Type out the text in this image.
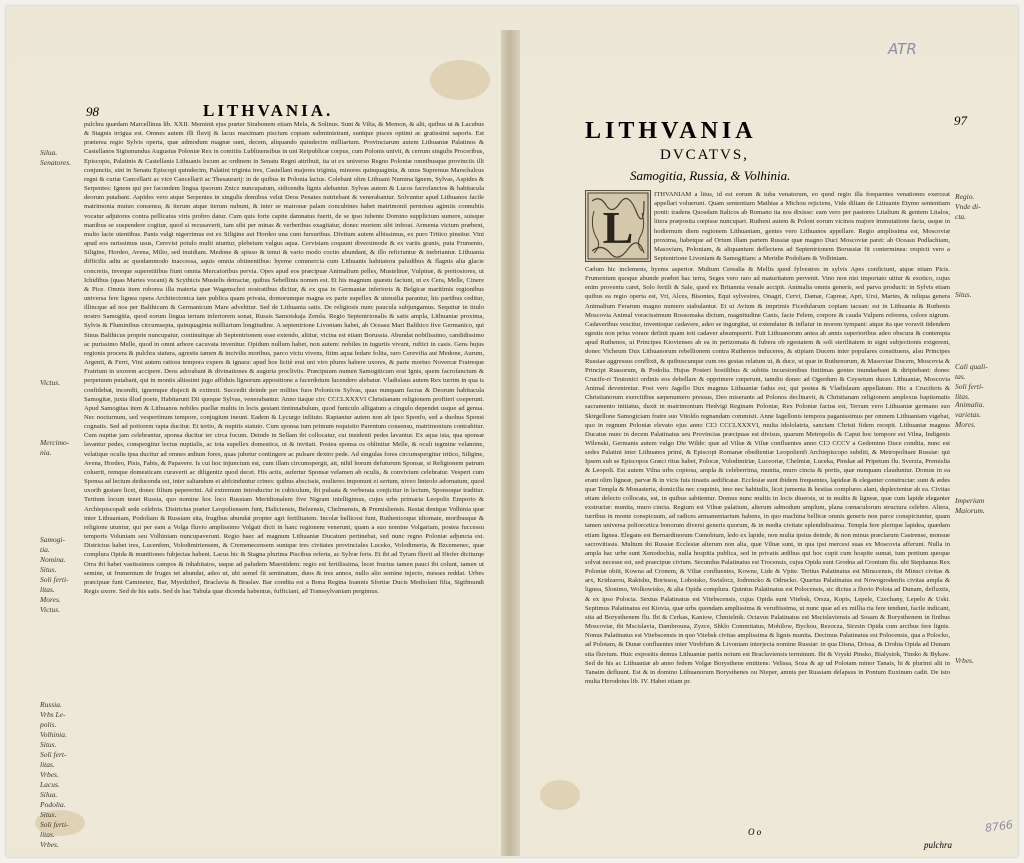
98	LITHVANIA.
Silua.
Senatores.
Victus.
Mercimo-
nia.
Samogi-
tia.
Nomina.
Situs.
Soli ferti-
litas.
Mores.
Victus.
Russia.
Vrbs Le-
polis.
Volhinia.
Situs.
Soli fert-
litas.
Vrbes.
Lacus.
Silua.
Podolia.
Situs.
Soli ferti-
litas.
Vrbes.

pulchra quædam Marcellinus lib. XXII. Meminit ejus præter Strabonem etiam Mela, & Solinus. Sunt & Vilia, & Memon, & alii, quibus ut & Lacubus & Stagnis irrigua est. Omnes autem illi fluvij & lacus maximam piscium copiam subministrant, suntque pisces optimi ac gratissimi saporis. Est præterea regio Sylvis operta, quæ admodum magnæ sunt, decem, aliquando quindecim milliarium. Provinciarum autem Lithuaniæ Palatinos & Castellanos Sigismundus Augustus Poloniæ Rex in comitiis Lublinensibus in uni Reipublicæ corpus, cum Polonis univit, & cerrum singulis Proceribus, Episcopis, Palatinis & Castellanis Lithuanis locum ac ordinem in Senatu Regni attribuit, ita ut ex universo Regno Poloniæ omnibusque provinciis illi conjunctis, sint in Senatu Episcopi quindecim, Palatini triginta tres, Castellani majores triginta, minores quinquaginta, & unus Supremus Marschalcus regni & curiæ Cancellarii ac vice Cancellarii ac Thesaurarij: in de quibus in Polonia lacius. Colebant olim Lithuani Numina Ignem, Sylvas, Aspides & Serpentes: Ignem qui per facondem lingua ipsorum Znicz nuncupatum, sidicendis lignis alebantur. Sylvas autem & Lucos facrofanctos & habitacula deorum putabant. Aspides vero atque Serpentes in singulis domibus velut Deos Penates nutriebant & venerabantur. Solvuntur apud Lithuanos facile matrimonia mutuo consensu, & iterum atque iterum nubunt, & inter se matronæ palam concubines habet matrimonii permissu agimiis connubiis vocatur adjutores contra pellicatus viris probro datur. Cum quis forte capite damnatus fuerit, de se ipso iubente Domino supplicium sumere, suisque manibus se suspendere cogitur, quod si recusaverit, tam sibi per minas & verberibus exagitatur, donec mortem sibi inferat. Armenta victum præbent, multo lacte utentibus. Panis vulgi nigerrimus est ex Siligine aut Hordeo una cum fursuribus. Divitum autem albissimus, ex puro Tritico pinsitur. Vini apud eos rarissimus usus, Cerevisi potulo multi utuntur, plebeium vulgus aqua. Cervisiam coquunt diversimode & ex variis granis, puta Frumento, Siligine, Hordeo, Avena, Milio, sed inuidiam. Medone & spisso & tenui & vario modo coctio abundant, & illo reficiuntur & inebriantur. Lithuania difficilis adiu ac quodammodo inaccessa, aquis omnia obtinentibus: hyeme commercia cum Lithuanis habitatora paludibus & flagnis alta glacie concretis, inveque superstitibus fiunt omnia Mercatoribus pervia. Opes apud eos præcipuæ Animalium pelles, Mustelinæ, Vulpinæ, & pretiosiores, ut Ichidibus (quas Martes vocant) & Scythicis Mustelis detractæ, quibus Sebellinis nomen est. Et his magnum quæstu faciunt, ut ex Cera, Melle, Cinere & Pice. Omnis item roborea illa materia quæ Wagenschot nostratibus dicitur, & ex qua in Germaniæ inferioris & Belgicæ maritimis regionibus universa fere lignea opera Architectonica tam publica quam privata, domorumque magna ex parte supellex & utensilia parantur, his partibus ceditur, illincque ad nos per Balthicum & Germanicum Mare advehitur. Sed de Lithuania satis. De religiosis nunc paucula subjungamus. Sequitur in titulo nostro Samogitia, quod eorum lingua terram inferiorem sonat, Russis Samotskaja Zemla. Regio Septentrionalis & satis ampla, Lithuaniæ proxima, Sylvis & Fluminibus circumsepta, quinquaginta milliarium longitudine. A septentrione Livoniam habet, ab Oceasu Mari Balthico five Germanico, qui Sinus Balthicus proprie nuncupatur, continuitque ab Septentrionem esse extendo, altitur, vicina est etiam Borussia. Abundat nobilissimo, candidissimo ac purissimo Melle, quod in omni arbore cacuvata invenitur. Opidum nullum habet, non autem: nobiles in tuguriis vivunt, ruftici in casis. Gens hujus regionis procera & pulchra statura, agrestis tamen & incivilis moribus, parco victu vivens, fitim aqua fedare folita, raro Cerevifia aut Medone, Aurum, Argenti, & Ferri, Vini autem ratiora tempora expers & ignara: apud hos licitè erat uni viro plures habere uxores, & parte mortuo Novercæ Fratreque Fratrium in uxorem accipere. Deos adorabant & divinationes & auguria procliviis. Præcipuum numen Samogiticum erat Ignis, quem facrofanctum & perpetuum putabant, qui in montis altissimi jugo affiduis lignorum appositione a facerdotum lucendere alebatur. Vladislaus autem Rex turrim in qua is confidebat, incendit, ignemque disjecit & extinxit. Succedit deinde per milites fuos Polonicos Sylvas, quas nunquam facras & Deorum habitacula Samogitæ, juxta illud poete, Habitarunt Dii quoque Sylvas, venerabantur. Anno itaque circ CCCLXXXVI Christianam religionem profiteri coeperunt. Apud Samogitas item & Lithuanos nobiles puellæ multis in locis gestant tintinnabulum, quod funiculo alligatum a cingulo dependet usque ad genua. Nec nocturnum, sed vespertinum tempore, conjugium ineunt. Eadem & Lycurgo infituto. Raptantur autem non ab ipso Sponfo, sed a duobus Sponsi cognatis. Sed ad potiorem rapta ducitur. Et tertio, & nuptiis statuto. Cum sponsa tum primum requisito Parentum consensu, matrimonium contrahitur. Cum nuptiæ jam celebrantur, sponsa ducitur ter circa focum. Deinde in Sellam ibi collocatur, cui insidenti pedes lavantur. Ex aqua ista, qua sponsæ lavantur pedes, conspergitur lectus nuptialis, ac tota supellex domestica, ut & invitati. Postea sponsa os oblinitur Melle, & oculi tegmine velamine, velatique oculis ipsa ducitur ad omnes ædium fores, quas jubetur contingere ac pulsare dextro pede. Ad singulas fores circumspergitur tritico, Siligine, Avena, Hordeo, Pisis, Fabis, & Papavere. Is cui hoc injunctum est, cum illam circumspergit, ait, nihil horum defuturum Sponsæ, si Religionem patrum coluerit, remque domesticam curaverit ac diligentiz quod decet. His actis, aufertur Sponsæ velamen ab oculis, & convivium celebratur. Vesperi cum Sponsa ad lectum deducenda est, inter saltandum ei abfcinduntur crines: quibus abscissis, mulieres imponunt ei sertum, niveo linteolo adornatum, quod uxorib gestare licet, donec filium pepererint. Ad extremum introductur in cubiculum, ibi pulsata & verberata conjicitur in lectum, Sponsoque traditur. Tertium locum tenet Russia, quo nomine hoc loco Russiam Meridionalem five Nigram intelligimus, cujus urbs primaria Leopolis Emporio & Archiepiscopali sede celebris. Districtus præter Leopoliensem funt, Haliciensis, Belzensis, Chelmensis, & Premisliensis. Restat denique Volhinia quæ inter Lithuaniam, Podoliam & Russiam sita, frugibus abundat propter agri fertilitatem. Incolæ bellicosi funt, Ruthenicoque idiomate, moribusque & religione utuntur, qui per eam a Volga fluvio amplissimo Volgati dicti in hanc regionem venerunt, quam a suo nomine Volgariam, postea fuccessu temporis Voluniam seu Volhiniam nuncupaverunt. Regio haec ad magnum Lithuaniæ Ducatum pertinebat, sed nunc regno Poloniæ adjuncta est. Districtus habet tres, Lucenfem, Volodimiriensem, & Cremenecensem suntque tres civitates provinciales Luceko, Volodimeria, & Bzcemenec, quæ complura Opida & munitiones fubjectas habent. Lacus hic & Stagna plurima Piscibus referta, ac Sylvæ feris. Et ibi ad Tyram fluvii ad Ifiofer diciturqe Orra ibi habet vastissimos campos & inhabitatos, usque ad paludem Maeotidem: regio est fertilissima, lecet fructus tamen pauci ibi colunt, tamen ut semine, ut frumentum de fruges tet abundat, adeo ut, ubi semel fit seminatum, duos & tres annos, nullo alio semine injecto, messes reddat. Urbes præcipuæ funt Caminetez, Bar, Myedzibof, Braclavia & Braslav. Bar condita est a Bona Regina Ioannis Sfortiæ Ducis Mediolani filia, Sigifmundi Regis uxore. Sed de his satis. Sed de hac Tabula quæ dicenda habentus, fufficiant, ad Transsylvaniam pergimus.

97
LITHVANIA
DVCATVS,
Samogitia, Russia, & Volhinia.
L
Regio.
Vnde di-
cta.
Situs.
Cali quali-
tas.
Soli ferti-
litas.
Animalia.
varietas.
Mores.
Imperium
Maiorum.
Vrbes.

ITHVANIAM a litus, id est eorum & tuba venatorum, eo quod regio illa frequentes venationes exerceat appellari voluerunt. Quam sententiam Mathias a Michou rejiciens, Vide diliam de Litiuanie Etymo sententiam ponit: tradens Quosdam Italicos ab Romano ita nos dixisse: eam vero per pastores Litalium & gentem Litalos, litera præposita cœpisse nuncupari. Rutheni autem & Poloni eorum vicinos majore immutatione facta, usque in hodiernum diem regionem Lithuaniam, gentes vero Lithuanos appellare. Regio amplissima est, Moscoviæ proxima, habetque ad Ortum illam partem Russiæ quæ magno Duci Moscoviæ paret: ab Oceasu Podlachiam, Masoviam, Poloniam, & aliquantum deflectens ad Septentrionem Borussiæ fit conterminea: respicit vero a Septentrione Livoniam & Samogitiam: a Meridie Podoliam & Volhiniam.

Cælum hic inclemens, hyems asperior. Multum Cerealia & Mellis quod fylvestres in sylvis Apes conficiunt, atque etiam Picis. Frumentum quoque abunde præbet hac terra, Seges vero raro ad maturitatem pervenit. Vino non nisi importato utitur & exotico, cujus enim proventu caret, Solo fertili & Sale, quod ex Britannia venale accipit. Animalia omnis generis, sed parva producit: in Sylvis etiam quibus ea regio operta est, Vri, Alces, Bisontes, Equi sylvestres, Onagri, Cervi, Damæ, Capreæ, Apri, Ursi, Martes, & reliqua genera Animalium Ferarum magno numero stabulantur. Et ut Avium & imprimis Ficedularum copiam tacean: est in Lithuania & Ruthenis Moscovia Animal voracissimum Rossomaka dictum, magnitudine Canis, facie Felem, corpore & cauda Vulpem referens, colore nigrum. Cadaveribus vescitur, inventoque cadavere, adeo se ingurgitat, ut extendatur & inflatur in morem tympani: atque ita que voravit iidendem egestis non prius vorare definit quam toti cadaver absumpserit. Fuit Lithuanorum antea ab annis superioribus adeo obscura & contempta apud Ruthenos, ut Principes Kiovienses ab ea in perizomata & fubera ob egestatem & soli sterilitatem in signi subjectionis exigerent, donec Vicheum Dux Lithuanorum rebellionem contra Ruthenos induceres, & stipiam Ducem inter populares constituens, alsu Principes Russiae aggressus conflixit, & quibuscunque cum res gestas relatum ut, & duce, ut quæ in Ruthenorum, & Masoviae Ducem, Moscovia & Principi Russorum, & Podolia. Hujus Posteri hostilibus & subitis incursionibus finitimas gentes inundaebant & diripiebant: donec Crucife-ri Teutonici ordinis eos debellare & opprimere cœperunt, tamdiu donec ad Ogerdum & Ceysetum duces Lithuaniæ, Moscovia Animal deveniretur. Post vero Jagello Dux magnus Lithuaniæ fadus est, qui postea & Vladislaum appellatum. Hic a Cruciferis & Christianorum exercitibus sæpenumero pressus, Deo miserante ad Polonos declinavit, & Christianam religionem amplexus baptismatis sacramento initiatus, duxit in matrimonium Hedvigi Reginam Poloniæ, Rex Poloniæ factus est, Terram vero Lithuaniæ germano suo Skirgellone Samogiciam fratre suo Vitoldo regnandam commisit. Anne Iagellonis tempora paganissimus per omnem Lithuaniam vigebat, quo in regnum Poloniæ elevato ejus anno CIƆ CCCLXXXVI, multa idololatria, sanctam Christi fidem recepit. Lithuaniæ magnus Ducatus nunc in decem Palatinatus seu Provincias præcipuas est divisus, quarum Metropolis & Caput hoc tempore est Vilna, Indigenis Wilenski, Germanis autem vulgo Die Wilde: quæ ad Viliæ & Viliæ confluentes anno CIƆ CCCV a Gedemino Duce condita, nunc est sedes Palatini inter Lithuanos primi, & Episcopi Romanæ obedientiæ Leopolienfi Archiepiscopo subditi, & Metropolitani Russiæ: qui Ipsem sub se Episcopos Græci ritus habet, Polocæ, Volodimiriæ, Luceoriæ, Chelmiæ, Luceka, Pinskæ ad Pripetum flu. Sverzia, Premislia & Leopoli. Est autem Vilna urbs copiosa, ampla & celeberrima, munita, muro cincta & portis, quæ nunquam clauduntur. Domus in ea erant olim ligneæ, parvæ & in vicis fuis tirastis aedificatæ. Ecclesiæ sunt ibidem frequentes, lapideæ & eleganter constructæ: sunt & ædes quæ Templa & Monasteria, domicilia nec coquinis, imo nec habitulis, licet jumenta & bestias complures alant, deplectentur ab ea. Civitas etiam delecto collocata, est, in quibus sabitentur. Domus nunc multis in locis diuersis, ut in multis & ligneæ, quæ cum lapide eleganter exstructæ: munita, muro cincta. Regium est Vilnæ palatium, alterum admodum amplum, plana cœnaculorum structura celebre. Altera, turribus in monte conspicuum, ad radices armamentarium habens, in quo machina bellicæ omnis generis non parce conspiciuntur, quam tamen universa poliorcetica bonorum diversi generis quorum, & in media civitate splendidissima. Templa fere plerique lapidea, quædam etiam lignea. Elegans est Bernardinorum Cœnobium, ledo ex lapide, non multa ipsius deinde, & non minus præclarum Castrense, monsue sacrovitissis. Multum ibi Russiæ Ecclesiæ alterum non alia, quæ Vilnæ sunt, in qua ipsi mercesi suas ex Moscovia afferunt. Nulla in ampla hac urbe sunt Xenodochia, nulla hospitia publica, sed in privatis ædibus qui hoc cupit cum hospite sumat, tum pretium quoque solvat necesse est, sed praecipue civium. Secundus Palatinatus est Trocensis, cujus Opida sunt Grodna ad Cronium flu. ubi Stephanus Rex Poloniæ obiit, Kowna ad Cronem, & Viliæ confluentes, Kowne, Lide & Vpite. Tertius Palatinatus est Minscensis, ibi Minsci civitas & arx, Kridzarou, Rakishu, Borissou, Lohoisko, Swislocz, Iodrencko & Odrucko. Quartus Palatinatus est Nowogrodenfis civitas ampla & lignea, Slonimo, Wolkowisko, & alia Opida complura. Quintus Palatinatus est Polocensis, sic dictus a fluvio Polota ad Dunam, defluxtis, & ex ipso Polocia. Sextus Palatinatus est Vitebscensis, cujus Opida sunt Vitebsk, Orsza, Kopis, Lepele, Czechany, Lepelo & Uski. Septimus Palatinatus est Kiovia, quæ urbs quondam amplissima & veruftissima, ut nunc quæ ad ex millia ria fere tendunt, facile indicant, sita ad Borysthenem flu. Ibi & Cerkas, Kaniow, Chmielnik. Octavus Palatinatus est Mscislaviensis ad Sosam & Borysthenem in finibus Moscoviæ, ibi Mscislavia, Dambrouna, Zyzce, Shklo Commitatus, Mohilow, Bychou, Rezocza, Strzsin Opida cum arcibus fere lignis. Nonus Palatinatus est Vitebscensis in quo Vitebsk civitas amplissima & lignis munita. Decimus Palatinatus est Polocensis, qua a Polocko, ad Polotam, & Dunæ confluentes inter Virebfum & Livoniam interjecta nomine Russiæ: in qua Disna, Drissa, & Drohia Opida ad Dunam sita fluvium. Huic expositis demus Lithuaniæ partis notum est Braclaviensis terminum. Ibi & Vryski Pinsko, Bialystok, Tinsko & Bykaw. Sed de his ac Lithuaniæ ab anno fedem Volgæ Borysthene emittens: Velissa, Soza & ap ud Polotam minor Tanais, hi & plurimi alii in Tanaim defluunt. Est & in domino Lithuanorum Borysthenes ou Nieper, amnis per Russiam delapsus in Pontum Euxinum cadit. De isto multa Herodotus lib. IV. Habet etiam pr.

pulchra
O o
ATR
8766
